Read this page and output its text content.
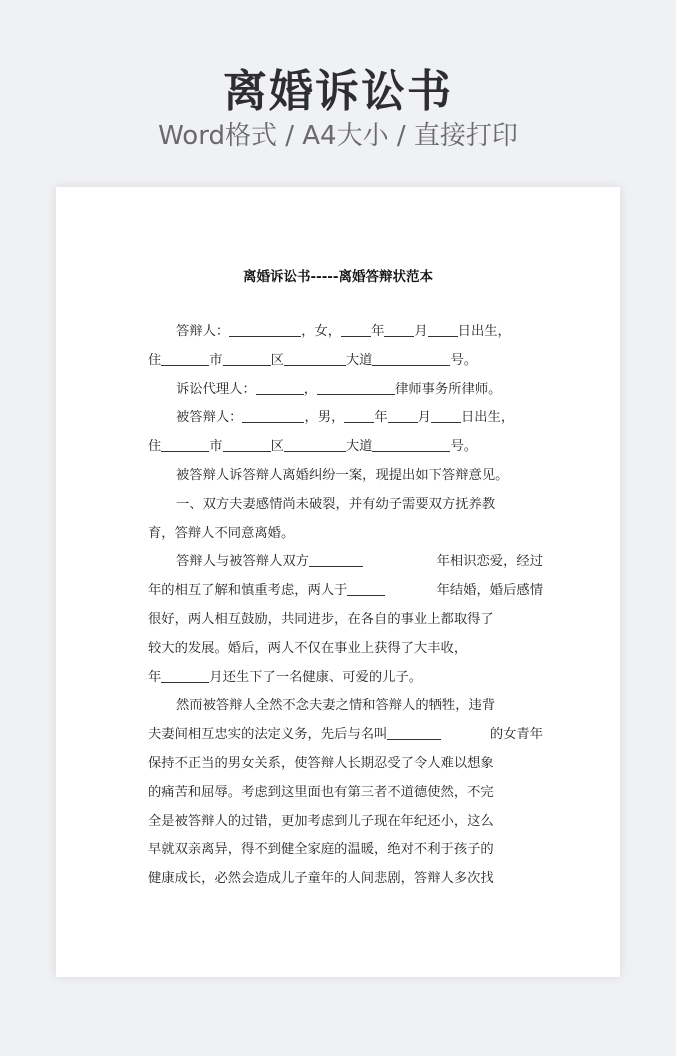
离婚诉讼书
Word格式 / A4大小 / 直接打印
离婚诉讼书-----离婚答辩状范本
答辩人：	，女， 年 月 日出生，
住	市	区	大道	号。
诉讼代理人：	，	律师事务所律师。
被答辩人：	，男， 年 月 日出生，
住	市	区	大道	号。
被答辩人诉答辩人离婚纠纷一案，现提出如下答辩意见。
一、双方夫妻感情尚未破裂，并有幼子需要双方抚养教
育，答辩人不同意离婚。
答辩人与被答辩人双方	年相识恋爱，经过
年的相互了解和慎重考虑，两人于	年结婚，婚后感情
很好，两人相互鼓励，共同进步，在各自的事业上都取得了
较大的发展。婚后，两人不仅在事业上获得了大丰收，
年	月还生下了一名健康、可爱的儿子。
然而被答辩人全然不念夫妻之情和答辩人的牺牲，违背
夫妻间相互忠实的法定义务，先后与名叫	的女青年
保持不正当的男女关系，使答辩人长期忍受了令人难以想象
的痛苦和屈辱。考虑到这里面也有第三者不道德使然，不完
全是被答辩人的过错，更加考虑到儿子现在年纪还小，这么
早就双亲离异，得不到健全家庭的温暖，绝对不利于孩子的
健康成长，必然会造成儿子童年的人间悲剧，答辩人多次找
